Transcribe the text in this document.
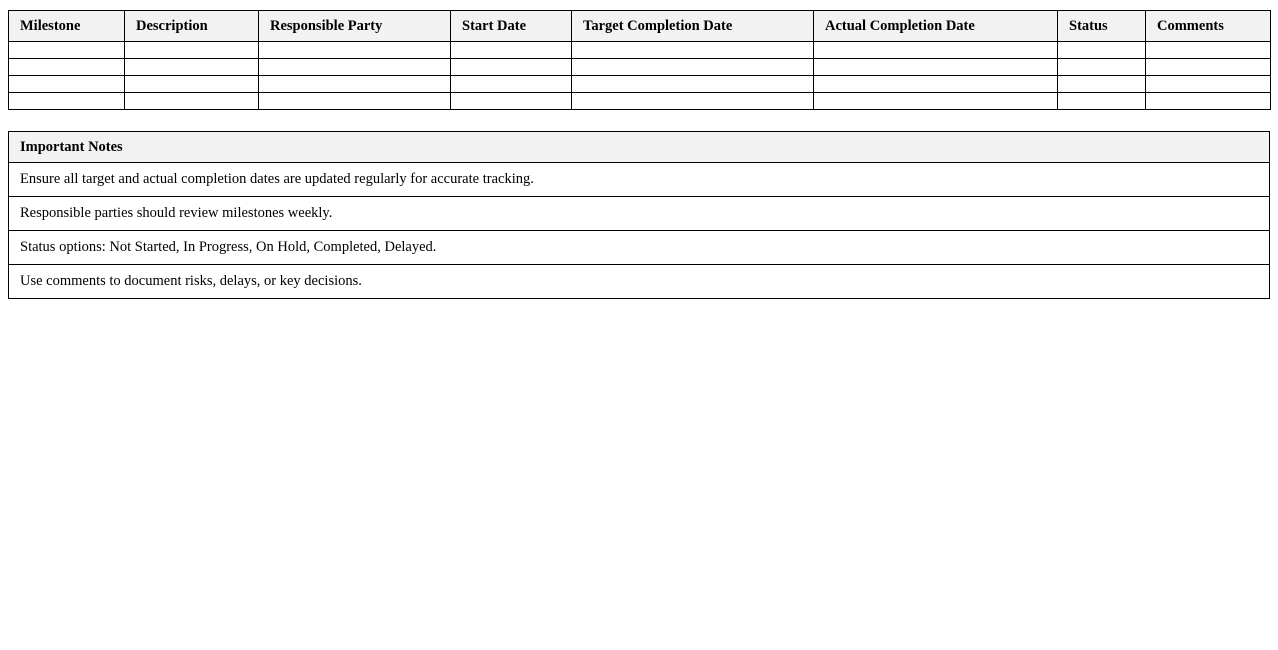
Milestone	Description	Responsible Party	Start Date	Target Completion Date	Actual Completion Date	Status	Comments

Important Notes
Ensure all target and actual completion dates are updated regularly for accurate tracking.
Responsible parties should review milestones weekly.
Status options: Not Started, In Progress, On Hold, Completed, Delayed.
Use comments to document risks, delays, or key decisions.
